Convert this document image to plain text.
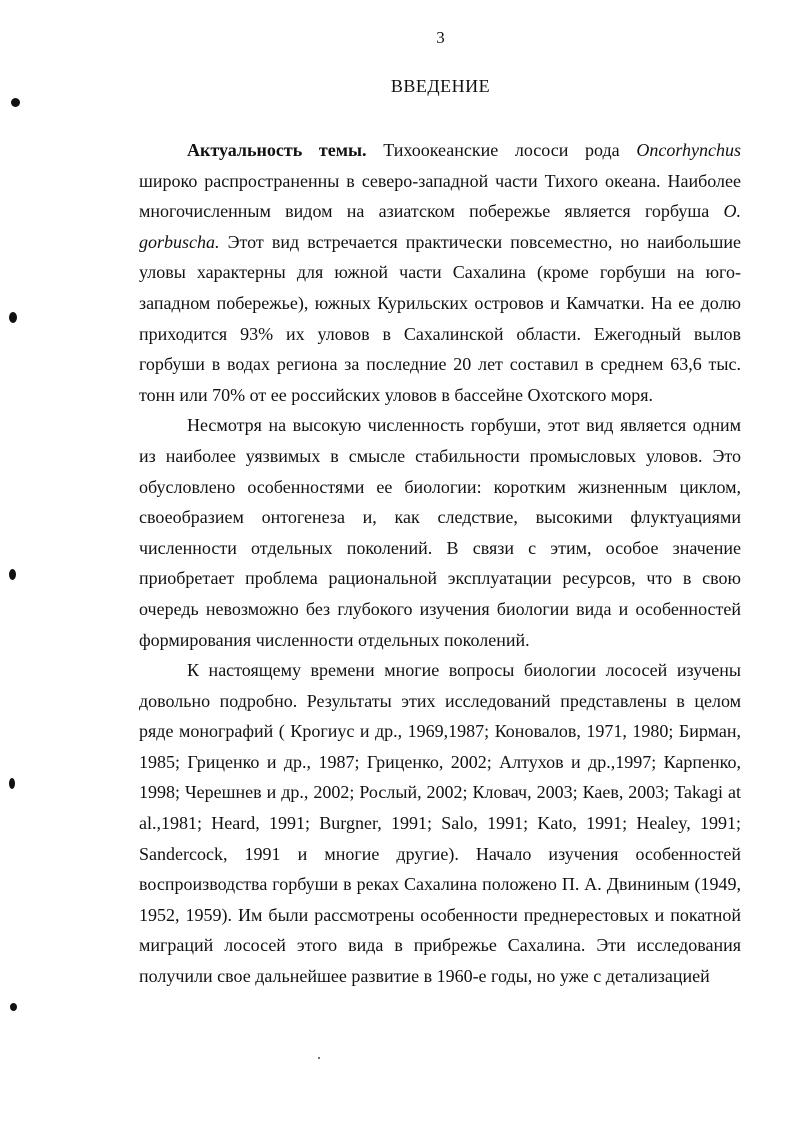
3
ВВЕДЕНИЕ

Актуальность темы. Тихоокеанские лососи рода Oncorhynchus широко распространенны в северо-западной части Тихого океана. Наиболее многочисленным видом на азиатском побережье является горбуша O. gorbuscha. Этот вид встречается практически повсеместно, но наибольшие уловы характерны для южной части Сахалина (кроме горбуши на юго-западном побережье), южных Курильских островов и Камчатки. На ее долю приходится 93% их уловов в Сахалинской области. Ежегодный вылов горбуши в водах региона за последние 20 лет составил в среднем 63,6 тыс. тонн или 70% от ее российских уловов в бассейне Охотского моря.

Несмотря на высокую численность горбуши, этот вид является одним из наиболее уязвимых в смысле стабильности промысловых уловов. Это обусловлено особенностями ее биологии: коротким жизненным циклом, своеобразием онтогенеза и, как следствие, высокими флуктуациями численности отдельных поколений. В связи с этим, особое значение приобретает проблема рациональной эксплуатации ресурсов, что в свою очередь невозможно без глубокого изучения биологии вида и особенностей формирования численности отдельных поколений.

К настоящему времени многие вопросы биологии лососей изучены довольно подробно. Результаты этих исследований представлены в целом ряде монографий ( Крогиус и др., 1969,1987; Коновалов, 1971, 1980; Бирман, 1985; Гриценко и др., 1987; Гриценко, 2002; Алтухов и др.,1997; Карпенко, 1998; Черешнев и др., 2002; Рослый, 2002; Кловач, 2003; Каев, 2003; Takagi at al.,1981; Heard, 1991; Burgner, 1991; Salo, 1991; Kato, 1991; Healey, 1991; Sandercock, 1991 и многие другие). Начало изучения особенностей воспроизводства горбуши в реках Сахалина положено П. А. Двининым (1949, 1952, 1959). Им были рассмотрены особенности преднерестовых и покатной миграций лососей этого вида в прибрежье Сахалина. Эти исследования получили свое дальнейшее развитие в 1960-е годы, но уже с детализацией
